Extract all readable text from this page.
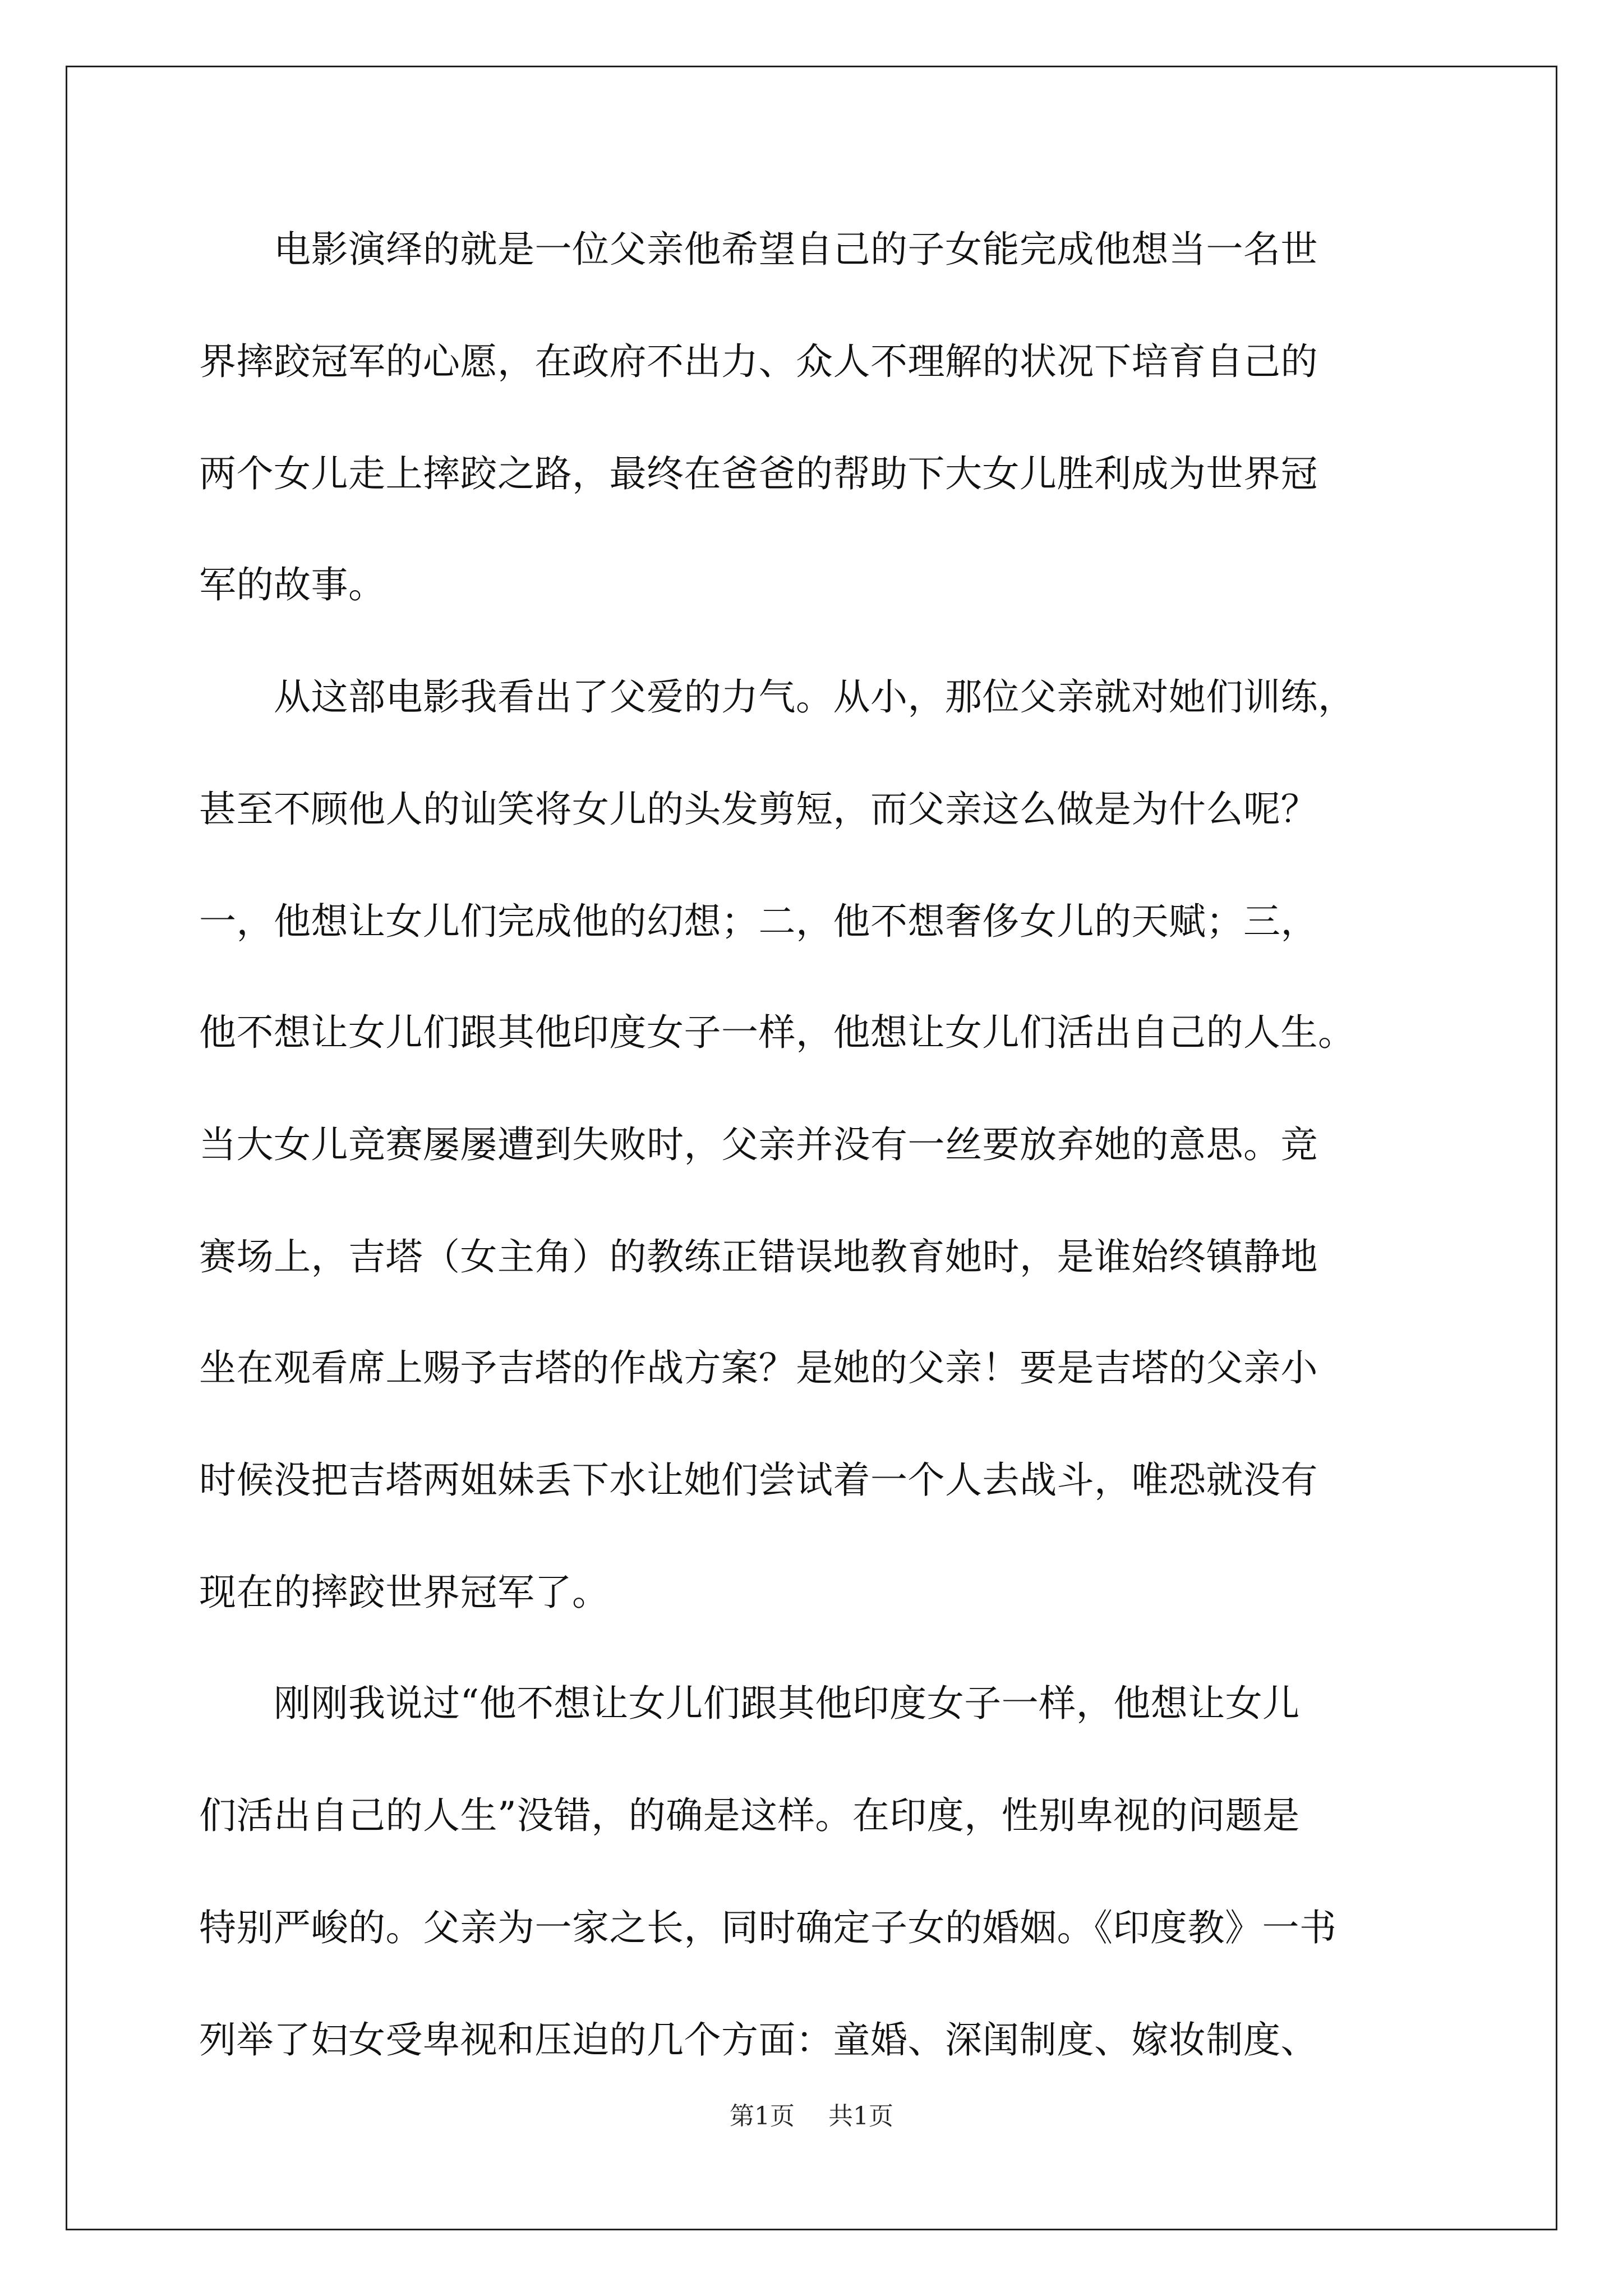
　　电影演绎的就是一位父亲他希望自己的子女能完成他想当一名世
界摔跤冠军的心愿，在政府不出力、众人不理解的状况下培育自己的
两个女儿走上摔跤之路，最终在爸爸的帮助下大女儿胜利成为世界冠
军的故事。
　　从这部电影我看出了父爱的力气。从小，那位父亲就对她们训练，
甚至不顾他人的讪笑将女儿的头发剪短，而父亲这么做是为什么呢？
一，他想让女儿们完成他的幻想；二，他不想奢侈女儿的天赋；三，
他不想让女儿们跟其他印度女子一样，他想让女儿们活出自己的人生。
当大女儿竞赛屡屡遭到失败时，父亲并没有一丝要放弃她的意思。竞
赛场上，吉塔（女主角）的教练正错误地教育她时，是谁始终镇静地
坐在观看席上赐予吉塔的作战方案？是她的父亲！要是吉塔的父亲小
时候没把吉塔两姐妹丢下水让她们尝试着一个人去战斗，唯恐就没有
现在的摔跤世界冠军了。
　　刚刚我说过“他不想让女儿们跟其他印度女子一样，他想让女儿
们活出自己的人生”没错，的确是这样。在印度，性别卑视的问题是
特别严峻的。父亲为一家之长，同时确定子女的婚姻。《印度教》一书
列举了妇女受卑视和压迫的几个方面：童婚、深闺制度、嫁妆制度、
第1页 共1页
